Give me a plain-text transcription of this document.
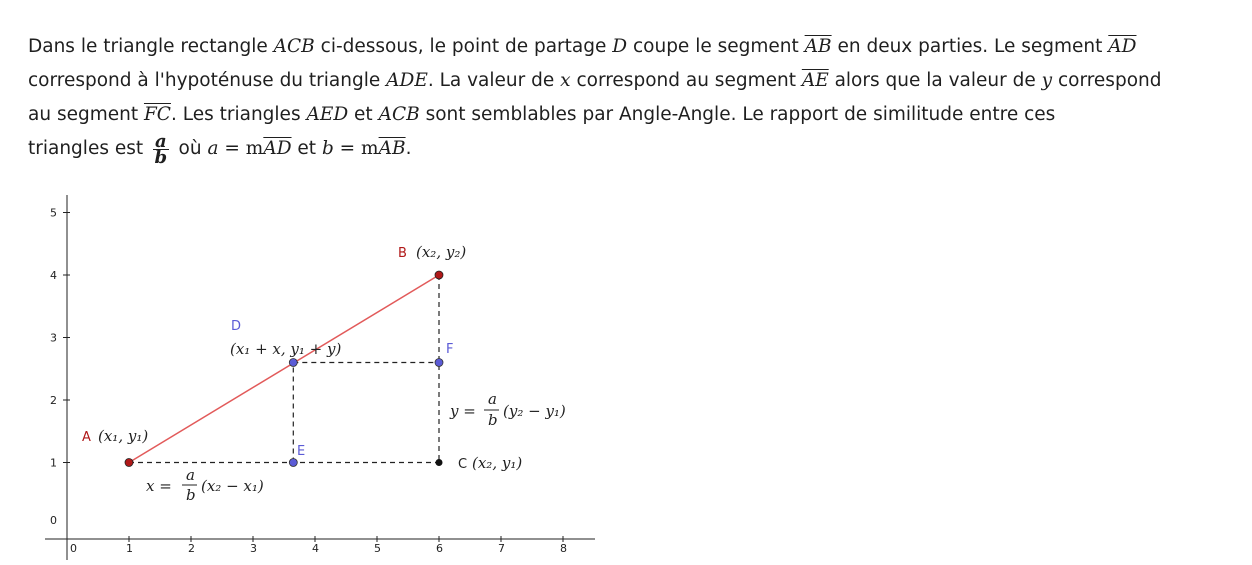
Dans le triangle rectangle ACB ci-dessous, le point de partage D coupe le segment $\overline{AB}$ en deux parties. Le segment $\overline{AD}$

correspond à l'hypoténuse du triangle ADE. La valeur de x correspond au segment $\overline{AE}$ alors que la valeur de y correspond

au segment $\overline{FC}$. Les triangles AED et ACB sont semblables par Angle-Angle. Le rapport de similitude entre ces

triangles est $\frac{a}{b}$ où $a = m\overline{AD}$ et $b = m\overline{AB}$.

0	1	2	3	4	5	6	7	8
0
1
2
3
4
5
A (x₁, y₁)
B (x₂, y₂)
C (x₂, y₁)
D
(x₁ + x, y₁ + y)
E
F
x =
a
b (x₂ − x₁)
y =
a
b (y₂ − y₁)
